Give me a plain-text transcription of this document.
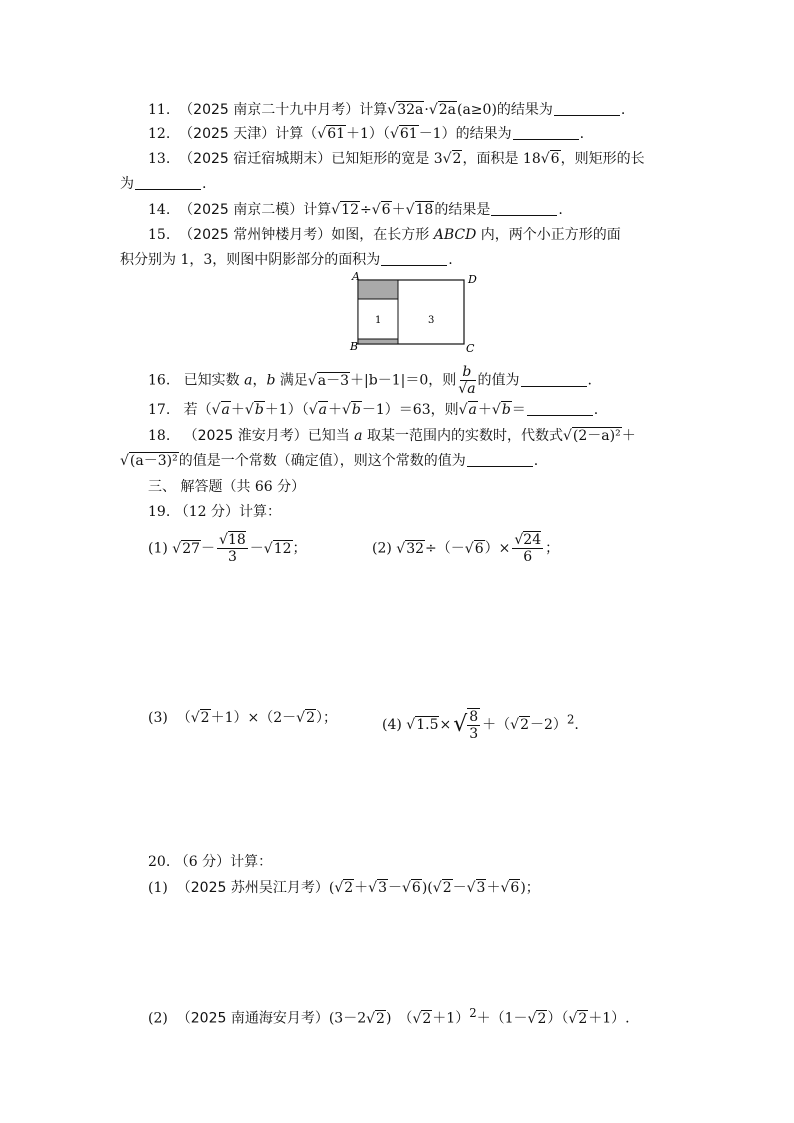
11. （2025 南京二十九中月考）计算√32a·√2a(a≥0)的结果为	.
12. （2025 天津）计算（√61＋1）（√61－1）的结果为	.
13. （2025 宿迁宿城期末）已知矩形的宽是 3√2，面积是 18√6，则矩形的长
为	.
14. （2025 南京二模）计算√12÷√6＋√18的结果是	.
15. （2025 常州钟楼月考）如图，在长方形 ABCD 内，两个小正方形的面
积分别为 1，3，则图中阴影部分的面积为	.
A
B	C
D
1	3
16. 已知实数 a，b 满足√a－3＋|b－1|＝0，则 $\frac{b}{√a}$ 的值为	.
17. 若（√a＋√b＋1）（√a＋√b－1）＝63，则√a＋√b＝	.
18. （2025 淮安月考）已知当 a 取某一范围内的实数时，代数式√(2－a)²＋
√(a－3)²的值是一个常数（确定值），则这个常数的值为	.
三、 解答题（共 66 分）
19. （12 分）计算：
(1) $√27- \frac{√18}{3} -√12$；	(2) $√32\div(-√6)\times \frac{√24}{6}$ ；
(3) （√2＋1）×（2－√2）；	(4) √1.5× √ 8
3
$+(√2-2)^2$.
20. （6 分）计算：
(1) （2025 苏州吴江月考）(√2＋√3－√6)(√2－√3＋√6)；
(2) （2025 南通海安月考）(3－2√2)　$(√2+1)^2+(1-√2)(√2+1)$.
